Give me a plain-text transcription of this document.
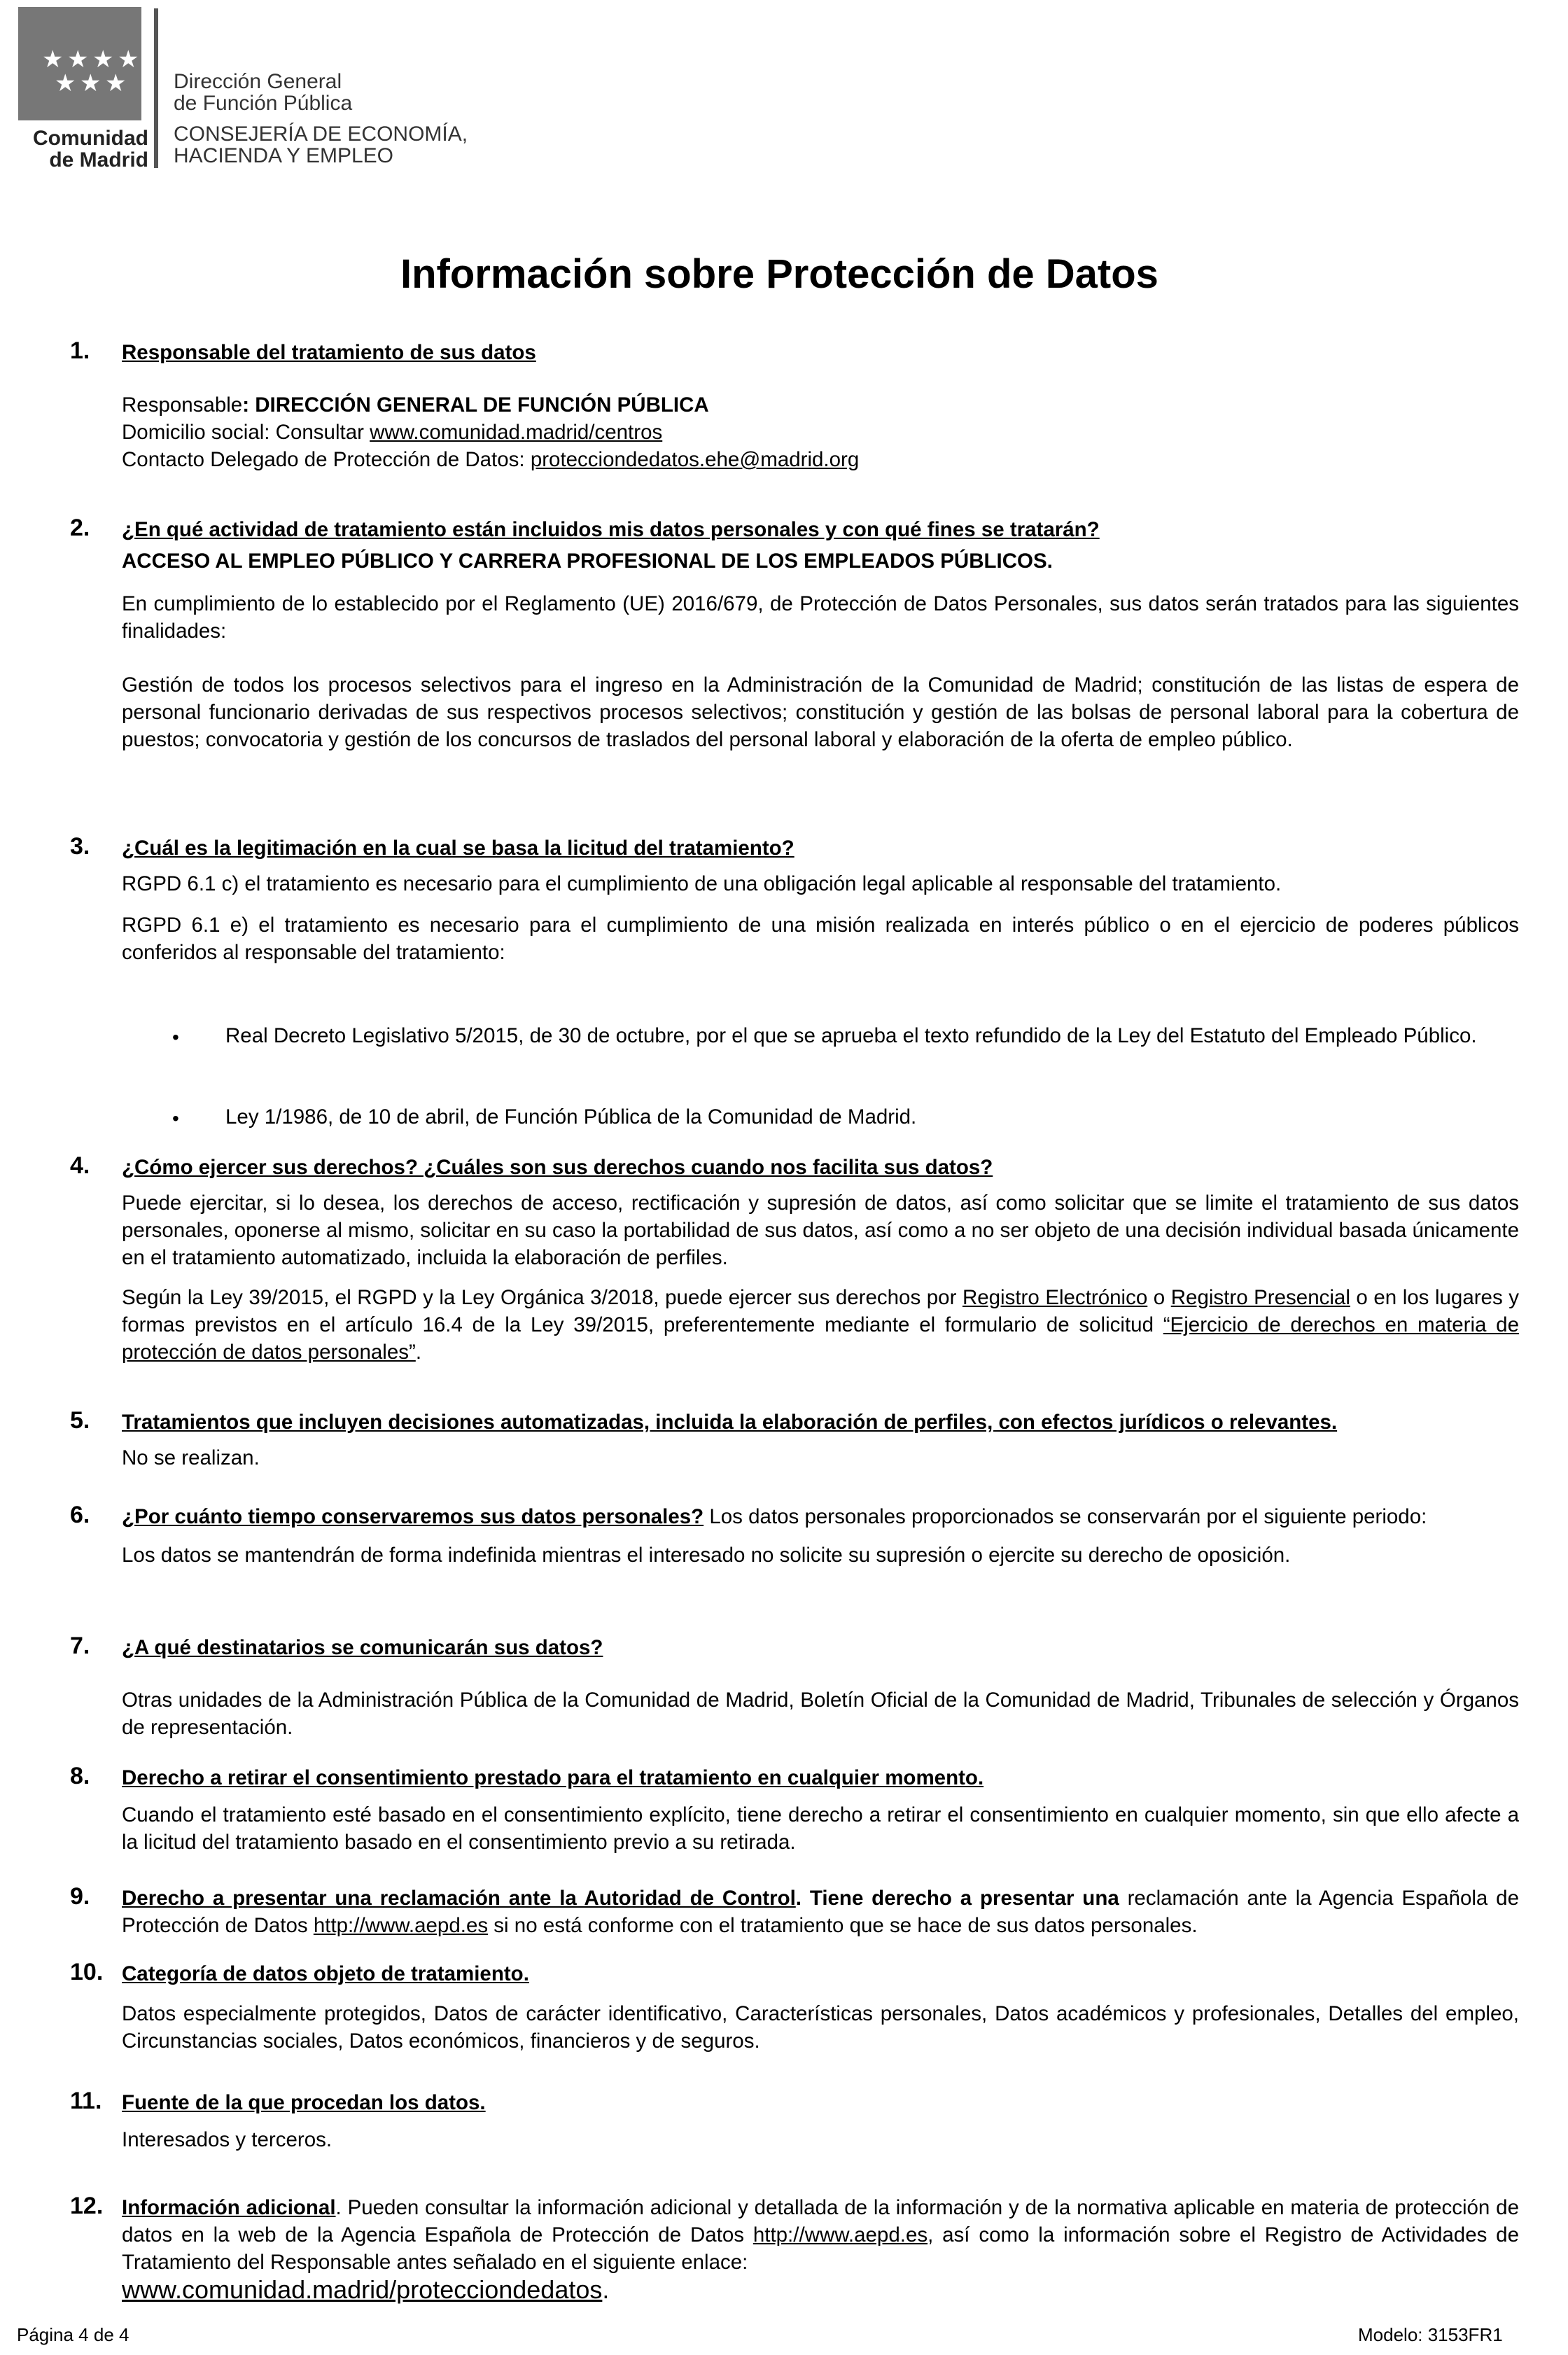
★ ★ ★ ★
★ ★ ★
Comunidad
de Madrid
Dirección General
de Función Pública
CONSEJERÍA DE ECONOMÍA,
HACIENDA Y EMPLEO
Información sobre Protección de Datos
1. Responsable del tratamiento de sus datos

Responsable: DIRECCIÓN GENERAL DE FUNCIÓN PÚBLICA

Domicilio social: Consultar www.comunidad.madrid/centros

Contacto Delegado de Protección de Datos: protecciondedatos.ehe@madrid.org

2. ¿En qué actividad de tratamiento están incluidos mis datos personales y con qué fines se tratarán?

ACCESO AL EMPLEO PÚBLICO Y CARRERA PROFESIONAL DE LOS EMPLEADOS PÚBLICOS.

En cumplimiento de lo establecido por el Reglamento (UE) 2016/679, de Protección de Datos Personales, sus datos serán tratados para las siguientes finalidades:

Gestión de todos los procesos selectivos para el ingreso en la Administración de la Comunidad de Madrid; constitución de las listas de espera de personal funcionario derivadas de sus respectivos procesos selectivos; constitución y gestión de las bolsas de personal laboral para la cobertura de puestos; convocatoria y gestión de los concursos de traslados del personal laboral y elaboración de la oferta de empleo público.

3. ¿Cuál es la legitimación en la cual se basa la licitud del tratamiento?

RGPD 6.1 c) el tratamiento es necesario para el cumplimiento de una obligación legal aplicable al responsable del tratamiento.

RGPD 6.1 e) el tratamiento es necesario para el cumplimiento de una misión realizada en interés público o en el ejercicio de poderes públicos conferidos al responsable del tratamiento:

• Real Decreto Legislativo 5/2015, de 30 de octubre, por el que se aprueba el texto refundido de la Ley del Estatuto del Empleado Público.
• Ley 1/1986, de 10 de abril, de Función Pública de la Comunidad de Madrid.
4. ¿Cómo ejercer sus derechos? ¿Cuáles son sus derechos cuando nos facilita sus datos?

Puede ejercitar, si lo desea, los derechos de acceso, rectificación y supresión de datos, así como solicitar que se limite el tratamiento de sus datos personales, oponerse al mismo, solicitar en su caso la portabilidad de sus datos, así como a no ser objeto de una decisión individual basada únicamente en el tratamiento automatizado, incluida la elaboración de perfiles.

Según la Ley 39/2015, el RGPD y la Ley Orgánica 3/2018, puede ejercer sus derechos por Registro Electrónico o Registro Presencial o en los lugares y formas previstos en el artículo 16.4 de la Ley 39/2015, preferentemente mediante el formulario de solicitud “Ejercicio de derechos en materia de protección de datos personales”.

5. Tratamientos que incluyen decisiones automatizadas, incluida la elaboración de perfiles, con efectos jurídicos o relevantes.

No se realizan.

6. ¿Por cuánto tiempo conservaremos sus datos personales? Los datos personales proporcionados se conservarán por el siguiente periodo:

Los datos se mantendrán de forma indefinida mientras el interesado no solicite su supresión o ejercite su derecho de oposición.

7. ¿A qué destinatarios se comunicarán sus datos?

Otras unidades de la Administración Pública de la Comunidad de Madrid, Boletín Oficial de la Comunidad de Madrid, Tribunales de selección y Órganos de representación.

8. Derecho a retirar el consentimiento prestado para el tratamiento en cualquier momento.

Cuando el tratamiento esté basado en el consentimiento explícito, tiene derecho a retirar el consentimiento en cualquier momento, sin que ello afecte a la licitud del tratamiento basado en el consentimiento previo a su retirada.

9. Derecho a presentar una reclamación ante la Autoridad de Control. Tiene derecho a presentar una reclamación ante la Agencia Española de Protección de Datos http://www.aepd.es si no está conforme con el tratamiento que se hace de sus datos personales.

10. Categoría de datos objeto de tratamiento.

Datos especialmente protegidos, Datos de carácter identificativo, Características personales, Datos académicos y profesionales, Detalles del empleo, Circunstancias sociales, Datos económicos, financieros y de seguros.

11. Fuente de la que procedan los datos.

Interesados y terceros.

12. Información adicional. Pueden consultar la información adicional y detallada de la información y de la normativa aplicable en materia de protección de datos en la web de la Agencia Española de Protección de Datos http://www.aepd.es, así como la información sobre el Registro de Actividades de Tratamiento del Responsable antes señalado en el siguiente enlace:

www.comunidad.madrid/protecciondedatos.

Página 4 de 4	Modelo: 3153FR1
